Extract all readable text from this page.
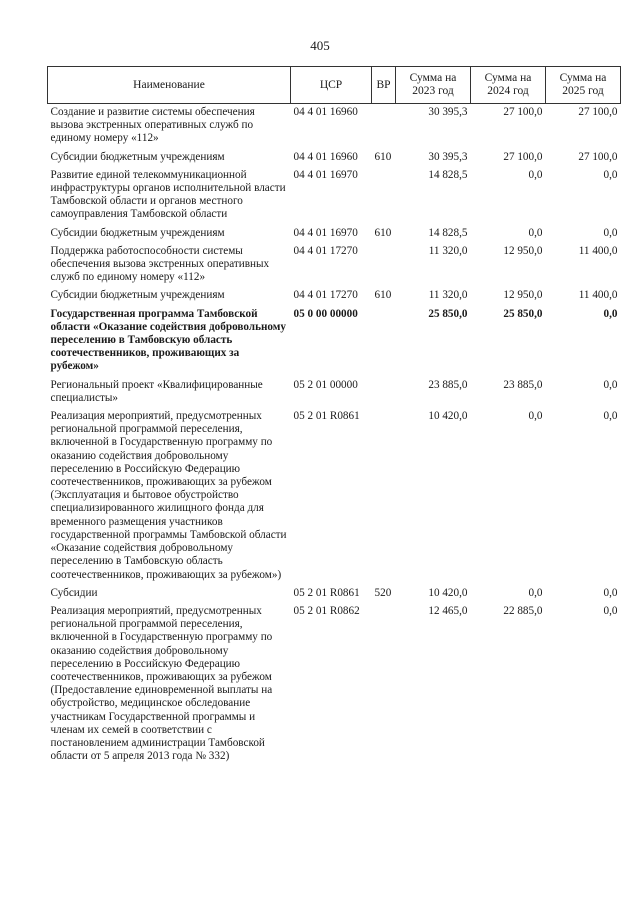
405
Наименование	ЦСР	ВР	Сумма на 2023 год	Сумма на 2024 год	Сумма на 2025 год
Создание и развитие системы обеспечения вызова экстренных оперативных служб по единому номеру «112»	04 4 01 16960		30 395,3	27 100,0	27 100,0
Субсидии бюджетным учреждениям	04 4 01 16960	610	30 395,3	27 100,0	27 100,0
Развитие единой телекоммуникационной инфраструктуры органов исполнительной власти Тамбовской области и органов местного самоуправления Тамбовской области	04 4 01 16970		14 828,5	0,0	0,0
Субсидии бюджетным учреждениям	04 4 01 16970	610	14 828,5	0,0	0,0
Поддержка работоспособности системы обеспечения вызова экстренных оперативных служб по единому номеру «112»	04 4 01 17270		11 320,0	12 950,0	11 400,0
Субсидии бюджетным учреждениям	04 4 01 17270	610	11 320,0	12 950,0	11 400,0
Государственная программа Тамбовской области «Оказание содействия добровольному переселению в Тамбовскую область соотечественников, проживающих за рубежом»	05 0 00 00000		25 850,0	25 850,0	0,0
Региональный проект «Квалифицированные специалисты»	05 2 01 00000		23 885,0	23 885,0	0,0
Реализация мероприятий, предусмотренных региональной программой переселения, включенной в Государственную программу по оказанию содействия добровольному переселению в Российскую Федерацию соотечественников, проживающих за рубежом (Эксплуатация и бытовое обустройство специализированного жилищного фонда для временного размещения участников государственной программы Тамбовской области «Оказание содействия добровольному переселению в Тамбовскую область соотечественников, проживающих за рубежом»)	05 2 01 R0861		10 420,0	0,0	0,0
Субсидии	05 2 01 R0861	520	10 420,0	0,0	0,0
Реализация мероприятий, предусмотренных региональной программой переселения, включенной в Государственную программу по оказанию содействия добровольному переселению в Российскую Федерацию соотечественников, проживающих за рубежом (Предоставление единовременной выплаты на обустройство, медицинское обследование участникам Государственной программы и членам их семей в соответствии с постановлением администрации Тамбовской области от 5 апреля 2013 года № 332)	05 2 01 R0862		12 465,0	22 885,0	0,0
